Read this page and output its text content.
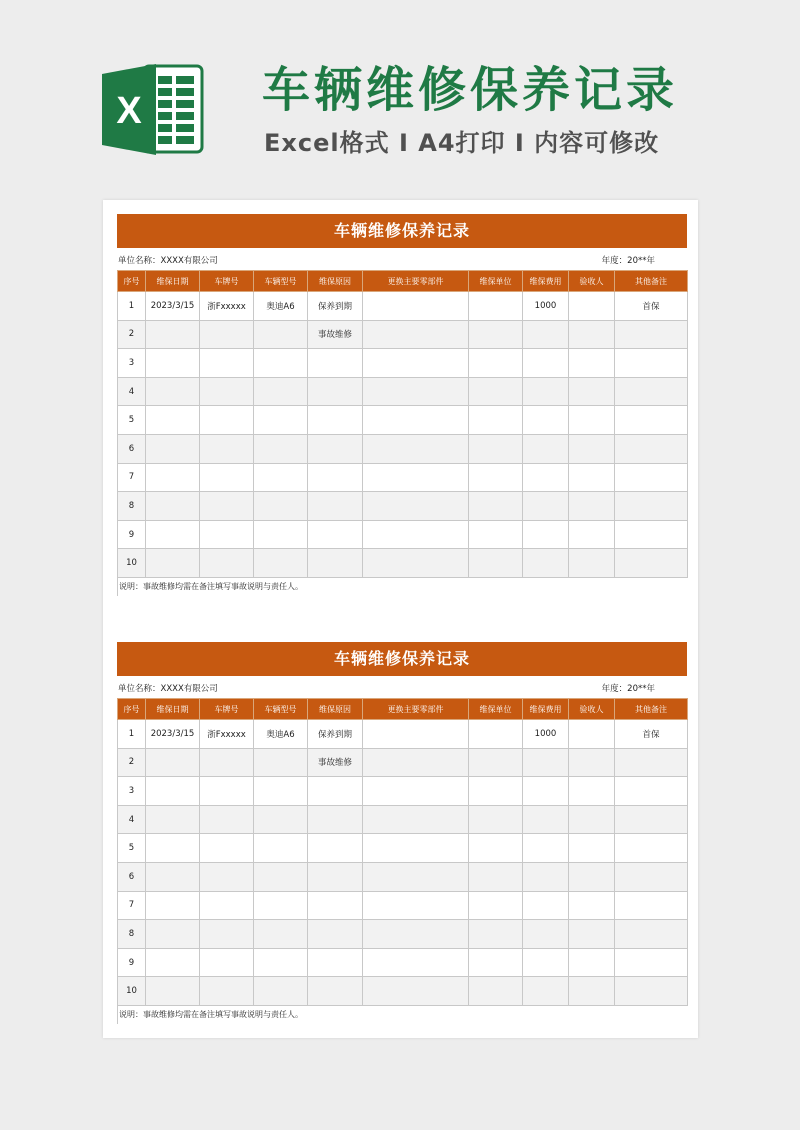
X	车辆维修保养记录
Excel格式 I A4打印 I 内容可修改
车辆维修保养记录
单位名称：XXXX有限公司	年度：20**年
序号	维保日期	车牌号	车辆型号	维保原因	更换主要零部件	维保单位	维保费用	验收人	其他备注
1	2023/3/15	浙Fxxxxx	奥迪A6	保养到期			1000		首保
2				事故维修					
3									
4									
5									
6									
7									
8									
9									
10									
说明：事故维修均需在备注填写事故说明与责任人。
车辆维修保养记录
单位名称：XXXX有限公司	年度：20**年
序号	维保日期	车牌号	车辆型号	维保原因	更换主要零部件	维保单位	维保费用	验收人	其他备注
1	2023/3/15	浙Fxxxxx	奥迪A6	保养到期			1000		首保
2				事故维修					
3									
4									
5									
6									
7									
8									
9									
10									
说明：事故维修均需在备注填写事故说明与责任人。
